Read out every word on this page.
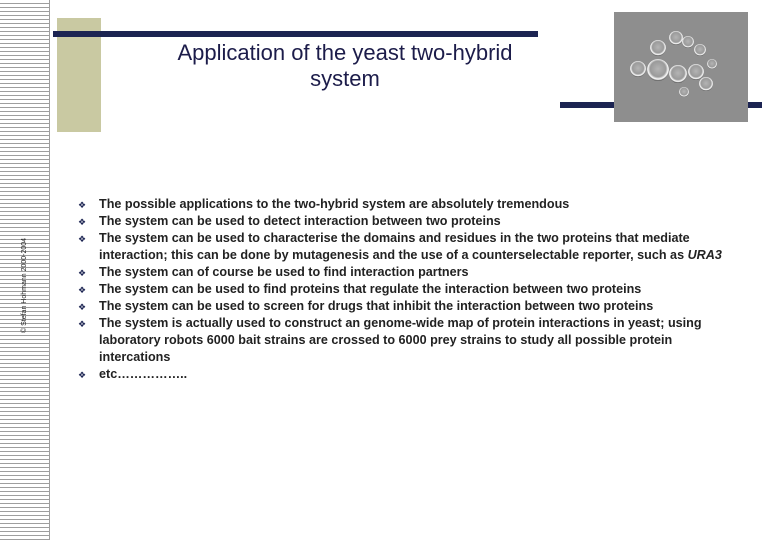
Application of the yeast two-hybrid
system
© Stefan Hohmann 2000-2004
❖ The possible applications to the two-hybrid system are absolutely tremendous
❖ The system can be used to detect interaction between two proteins
❖ The system can be used to characterise the domains and residues in the two proteins that mediate interaction; this can be done by mutagenesis and the use of a counterselectable reporter, such as URA3
❖ The system can of course be used to find interaction partners
❖ The system can be used to find proteins that regulate the interaction between two proteins
❖ The system can be used to screen for drugs that inhibit the interaction between two proteins
❖ The system is actually used to construct an genome-wide map of protein interactions in yeast; using laboratory robots 6000 bait strains are crossed to 6000 prey strains to study all possible protein intercations
❖ etc……………..
